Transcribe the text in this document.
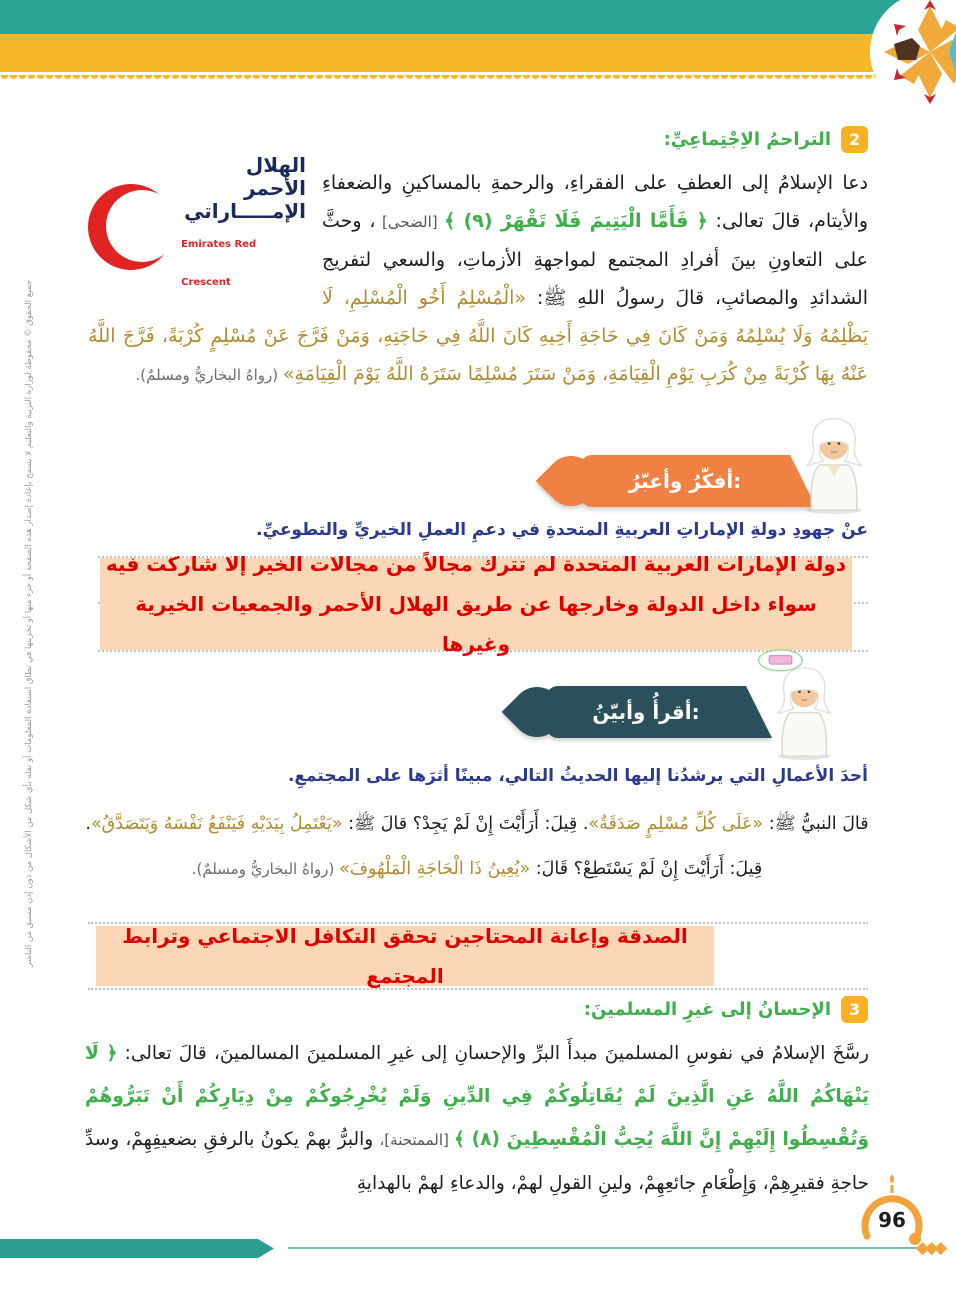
جميع الحقوق © محفوظة لوزارة التربية والتعليم لا يسمح بإعادة إصدار هذه الصفحة أو جزء منها أو تخزينها في نطاق استعادة المعلومات أو نقله بأي شكل من الأشكال من دون إذن مسبق من الناشر
2
التراحمُ الاِجْتِماعِيِّ:
الهلال الأحمر
الإمـــــاراتي
Emirates Red Crescent
دعا الإسلامُ إلى العطفِ على الفقراءِ، والرحمةِ بالمساكينِ والضعفاءِ والأيتام، قالَ تعالى: ﴿ فَأَمَّا الْيَتِيمَ فَلَا تَقْهَرْ (٩) ﴾ [الضحى] ، وحثَّ على التعاونِ بينَ أفرادِ المجتمع لمواجهةِ الأزماتِ، والسعي لتفريج الشدائدِ والمصائبِ، قالَ رسولُ اللهِ ﷺ: «الْمُسْلِمُ أَخُو الْمُسْلِمِ، لَا يَظْلِمُهُ وَلَا يُسْلِمُهُ وَمَنْ كَانَ فِي حَاجَةِ أَخِيهِ كَانَ اللَّهُ فِي حَاجَتِهِ، وَمَنْ فَرَّجَ عَنْ مُسْلِمٍ كُرْبَةً، فَرَّجَ اللَّهُ عَنْهُ بِهَا كُرْبَةً مِنْ كُرَبِ يَوْمِ الْقِيَامَةِ، وَمَنْ سَتَرَ مُسْلِمًا سَتَرَهُ اللَّهُ يَوْمَ الْقِيَامَةِ» (رواهُ البخاريُّ ومسلمٌ).
أفكّرُ وأعبّرُ:
عنْ جهودِ دولةِ الإماراتِ العربيةِ المتحدةِ في دعمِ العملِ الخيريِّ والتطوعيِّ.
دولة الإمارات العربية المتحدة لم تترك مجالاً من مجالات الخير إلا شاركت فيه سواء داخل الدولة وخارجها عن طريق الهلال الأحمر والجمعيات الخيرية وغيرها
أقرأُ وأبيّنُ:
أحدَ الأعمالِ التي يرشدُنا إليها الحديثُ التالي، مبينًا أثرَها على المجتمعِ.
قالَ النبيُّ ﷺ: «عَلَى كُلِّ مُسْلِمٍ صَدَقَةٌ». قِيلَ: أَرَأَيْتَ إِنْ لَمْ يَجِدْ؟ قالَ ﷺ: «يَعْتَمِلُ بِيَدَيْهِ فَيَنْفَعُ نَفْسَهُ وَيَتَصَدَّقُ». قِيلَ: أَرَأَيْتَ إِنْ لَمْ يَسْتَطِعْ؟ قَالَ: «يُعِينُ ذَا الْحَاجَةِ الْمَلْهُوفَ» (رواهُ البخاريُّ ومسلمٌ).
الصدقة وإعانة المحتاجين تحقق التكافل الاجتماعي وترابط المجتمع
3
الإحسانُ إلى غيرِ المسلمينَ:
رسَّخَ الإسلامُ في نفوسِ المسلمينَ مبدأَ البرِّ والإحسانِ إلى غيرِ المسلمينَ المسالمينَ، قالَ تعالى: ﴿ لَا يَنْهَاكُمُ اللَّهُ عَنِ الَّذِينَ لَمْ يُقَاتِلُوكُمْ فِي الدِّينِ وَلَمْ يُخْرِجُوكُمْ مِنْ دِيَارِكُمْ أَنْ تَبَرُّوهُمْ وَتُقْسِطُوا إِلَيْهِمْ إِنَّ اللَّهَ يُحِبُّ الْمُقْسِطِينَ (٨) ﴾ [الممتحنة]، والبرُّ بهمْ يكونُ بالرفقِ بضعيفِهِمْ، وسدِّ حاجةِ فقيرِهِمْ، وَإِطْعَامِ جائعِهِمْ، ولينِ القولِ لهمْ، والدعاءِ لهمْ بالهدايةِ
96
◆◆◆
